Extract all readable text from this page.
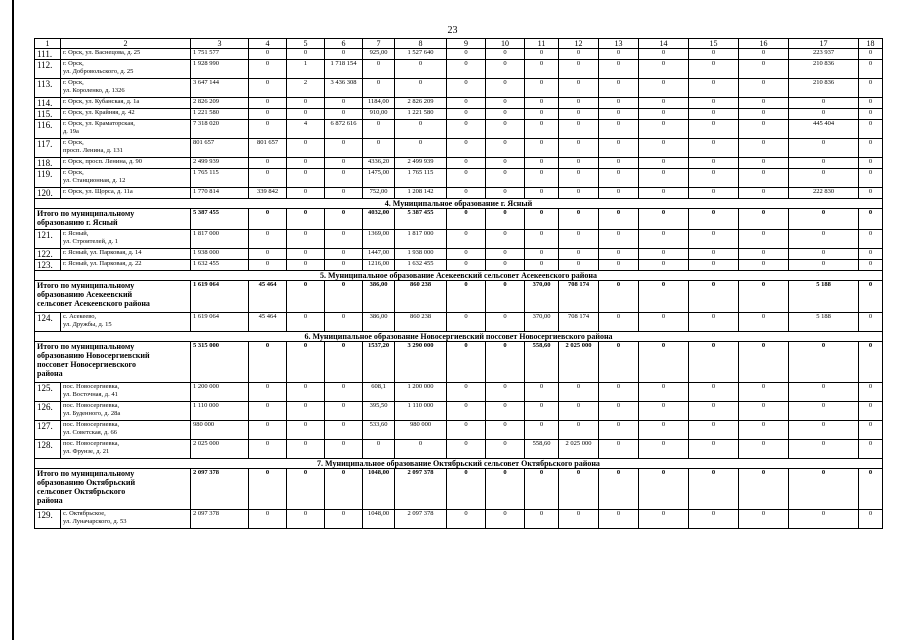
23
1	2	3	4	5	6	7	8	9	10	11	12	13	14	15	16	17	18
111.	г. Орск, ул. Васнецова, д. 25	1 751 577	0	0	0	925,00	1 527 640	0	0	0	0	0	0	0	0	223 937	0
112.	г. Орск,
ул. Добровольского, д. 25	1 928 990	0	1	1 718 154	0	0	0	0	0	0	0	0	0	0	210 836	0
113.	г. Орск,
ул. Короленко, д. 1326	3 647 144	0	2	3 436 308	0	0	0	0	0	0	0	0	0	0	210 836	0
114.	г. Орск, ул. Кубанская, д. 1а	2 826 209	0	0	0	1184,00	2 826 209	0	0	0	0	0	0	0	0	0	0
115.	г. Орск, ул. Крайняя, д. 42	1 221 580	0	0	0	910,00	1 221 580	0	0	0	0	0	0	0	0	0	0
116.	г. Орск, ул. Краматорская,
д. 19а	7 318 020	0	4	6 872 616	0	0	0	0	0	0	0	0	0	0	445 404	0
117.	г. Орск,
просп. Ленина, д. 131	801 657	801 657	0	0	0	0	0	0	0	0	0	0	0	0	0	0
118.	г. Орск, просп. Ленина, д. 90	2 499 939	0	0	0	4336,20	2 499 939	0	0	0	0	0	0	0	0	0	0
119.	г. Орск,
ул. Станционная, д. 12	1 765 115	0	0	0	1475,00	1 765 115	0	0	0	0	0	0	0	0	0	0
120.	г. Орск, ул. Щорса, д. 11а	1 770 814	339 842	0	0	752,00	1 208 142	0	0	0	0	0	0	0	0	222 830	0
4. Муниципальное образование г. Ясный																	

Итого по муниципальному
образованию г. Ясный		5 387 455	0	0	0	4032,00	5 387 455	0	0	0	0	0	0	0	0	0	0
121.	г. Ясный,
ул. Строителей, д. 1	1 817 000	0	0	0	1369,00	1 817 000	0	0	0	0	0	0	0	0	0	0
122.	г. Ясный, ул. Парковая, д. 14	1 938 000	0	0	0	1447,00	1 938 000	0	0	0	0	0	0	0	0	0	0
123.	г. Ясный, ул. Парковая, д. 22	1 632 455	0	0	0	1216,00	1 632 455	0	0	0	0	0	0	0	0	0	0
5. Муниципальное образование Асекеевский сельсовет Асекеевского района																	

Итого по муниципальному
образованию Асекеевский
сельсовет Асекеевского района		1 619 064	45 464	0	0	386,00	860 238	0	0	370,00	708 174	0	0	0	0	5 188	0
124.	с. Асекеево,
ул. Дружбы, д. 15	1 619 064	45 464	0	0	386,00	860 238	0	0	370,00	708 174	0	0	0	0	5 188	0
6. Муниципальное образование Новосергиевский поссовет Новосергиевского района																	

Итого по муниципальному
образованию Новосергиевский
поссовет Новосергиевского
района		5 315 000	0	0	0	1537,20	3 290 000	0	0	558,60	2 025 000	0	0	0	0	0	0
125.	пос. Новосергиевка,
ул. Восточная, д. 41	1 200 000	0	0	0	608,1	1 200 000	0	0	0	0	0	0	0	0	0	0
126.	пос. Новосергиевка,
ул. Буденного, д. 28а	1 110 000	0	0	0	395,50	1 110 000	0	0	0	0	0	0	0	0	0	0
127.	пос. Новосергиевка,
ул. Советская, д. 66	980 000	0	0	0	533,60	980 000	0	0	0	0	0	0	0	0	0	0
128.	пос. Новосергиевка,
ул. Фрунзе, д. 21	2 025 000	0	0	0	0	0	0	0	558,60	2 025 000	0	0	0	0	0	0
7. Муниципальное образование Октябрьский сельсовет Октябрьского района																	

Итого по муниципальному
образованию Октябрьский
сельсовет Октябрьского
района		2 097 378	0	0	0	1048,00	2 097 378	0	0	0	0	0	0	0	0	0	0
129.	с. Октябрьское,
ул. Луначарского, д. 53	2 097 378	0	0	0	1048,00	2 097 378	0	0	0	0	0	0	0	0	0	0
